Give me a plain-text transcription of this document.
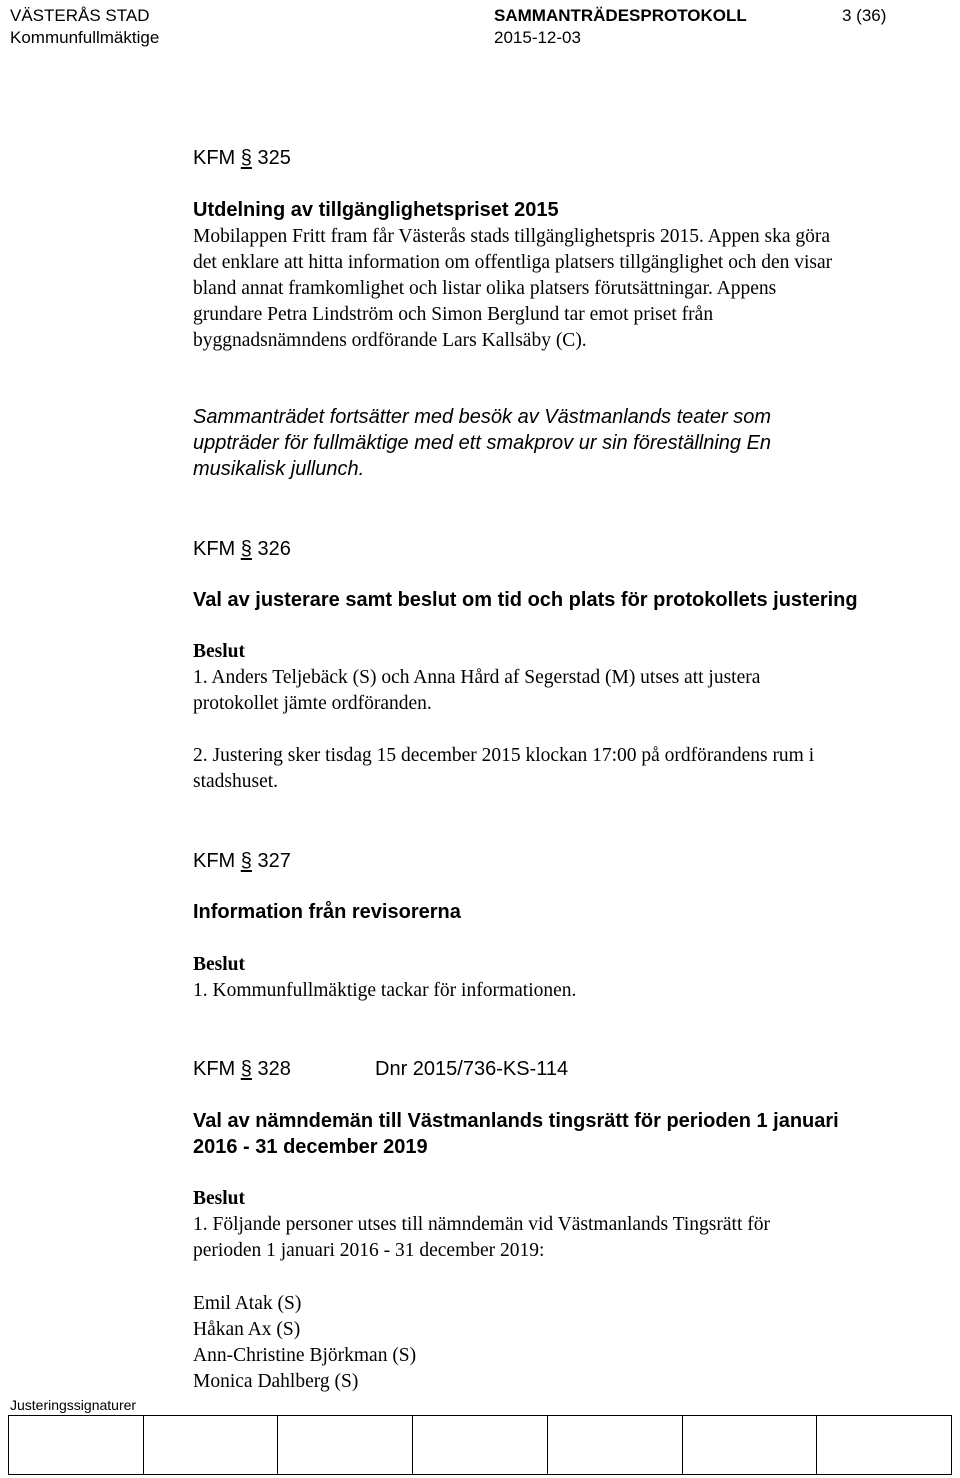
VÄSTERÅS STAD
Kommunfullmäktige
SAMMANTRÄDESPROTOKOLL
2015-12-03
3 (36)
KFM § 325
Utdelning av tillgänglighetspriset 2015
Mobilappen Fritt fram får Västerås stads tillgänglighetspris 2015. Appen ska göra
det enklare att hitta information om offentliga platsers tillgänglighet och den visar
bland annat framkomlighet och listar olika platsers förutsättningar. Appens
grundare Petra Lindström och Simon Berglund tar emot priset från
byggnadsnämndens ordförande Lars Kallsäby (C).
Sammanträdet fortsätter med besök av Västmanlands teater som
uppträder för fullmäktige med ett smakprov ur sin föreställning En
musikalisk jullunch.
KFM § 326
Val av justerare samt beslut om tid och plats för protokollets justering
Beslut
1. Anders Teljebäck (S) och Anna Hård af Segerstad (M) utses att justera
protokollet jämte ordföranden.
2. Justering sker tisdag 15 december 2015 klockan 17:00 på ordförandens rum i
stadshuset.
KFM § 327
Information från revisorerna
Beslut
1. Kommunfullmäktige tackar för informationen.
KFM § 328	Dnr 2015/736-KS-114
Val av nämndemän till Västmanlands tingsrätt för perioden 1 januari
2016 - 31 december 2019
Beslut
1. Följande personer utses till nämndemän vid Västmanlands Tingsrätt för
perioden 1 januari 2016 - 31 december 2019:
Emil Atak (S)
Håkan Ax (S)
Ann-Christine Björkman (S)
Monica Dahlberg (S)
Justeringssignaturer
